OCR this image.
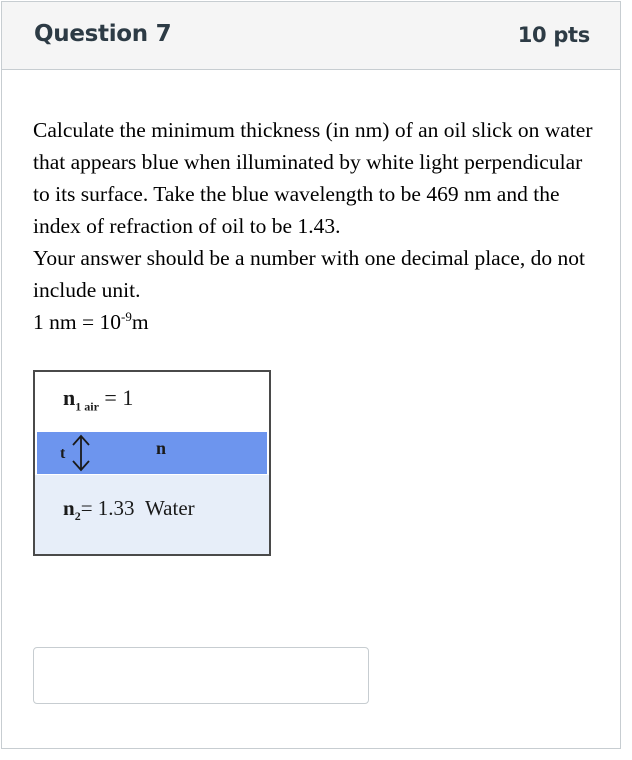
Question 7	10 pts

Calculate the minimum thickness (in nm) of an oil slick on water that appears blue when illuminated by white light perpendicular to its surface. Take the blue wavelength to be 469 nm and the index of refraction of oil to be 1.43.

Your answer should be a number with one decimal place, do not include unit.

1 nm = $10^{-9}m$

$n_{1 air} = 1$
t	n
$n_2= 1.33$ Water
